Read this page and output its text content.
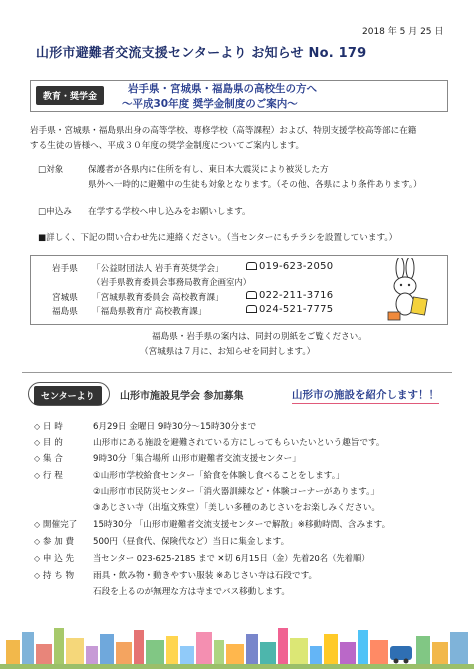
2018 年 5 月 25 日
山形市避難者交流支援センターより お知らせ No. 179
教育・奨学金
岩手県・宮城県・福島県の高校生の方へ
～平成30年度 奨学金制度のご案内～
岩手県・宮城県・福島県出身の高等学校、専修学校（高等課程）および、特別支援学校高等部に在籍
する生徒の皆様へ、平成３０年度の奨学金制度についてご案内します。
□対象	保護者が各県内に住所を有し、東日本大震災により被災した方
県外へ一時的に避難中の生徒も対象となります。（その他、各県により条件あります。）
□申込み 在学する学校へ申し込みをお願いします。
■詳しく、下記の問い合わせ先に連絡ください。（当センターにもチラシを設置しています。）
岩手県 「公益財団法人 岩手育英奨学会」	019-623-2050
（岩手県教育委員会事務局教育企画室内）
宮城県 「宮城県教育委員会 高校教育課」	022-211-3716
福島県 「福島県教育庁 高校教育課」	024-521-7775
福島県・岩手県の案内は、同封の別紙をご覧ください。
（宮城県は７月に、お知らせを同封します。）
センターより	山形市施設見学会 参加募集	山形市の施設を紹介します！！
◇ 日 時	6月29日 金曜日 9時30分～15時30分まで
◇ 目 的	山形市にある施設を避難されている方にしってもらいたいという趣旨です。
◇ 集 合	9時30分「集合場所 山形市避難者交流支援センター」
◇ 行 程	①山形市学校給食センター「給食を体験し食べることをします。」
②山形市市民防災センター「消火器訓練など・体験コーナーがあります。」
③あじさい寺（出塩文殊堂）「美しい多種のあじさいをお楽しみください。
◇ 開催完了 15時30分 「山形市避難者交流支援センターで解散」※移動時間、含みます。
◇ 参 加 費 500円（昼食代、保険代など）当日に集金します。
◇ 申 込 先 当センター 023-625-2185 まで ✕切 6月15日（金）先着20名（先着順）
◇ 持 ち 物 雨具・飲み物・動きやすい服装 ※あじさい寺は石段です。
石段を上るのが無理な方は寺までバス移動します。
